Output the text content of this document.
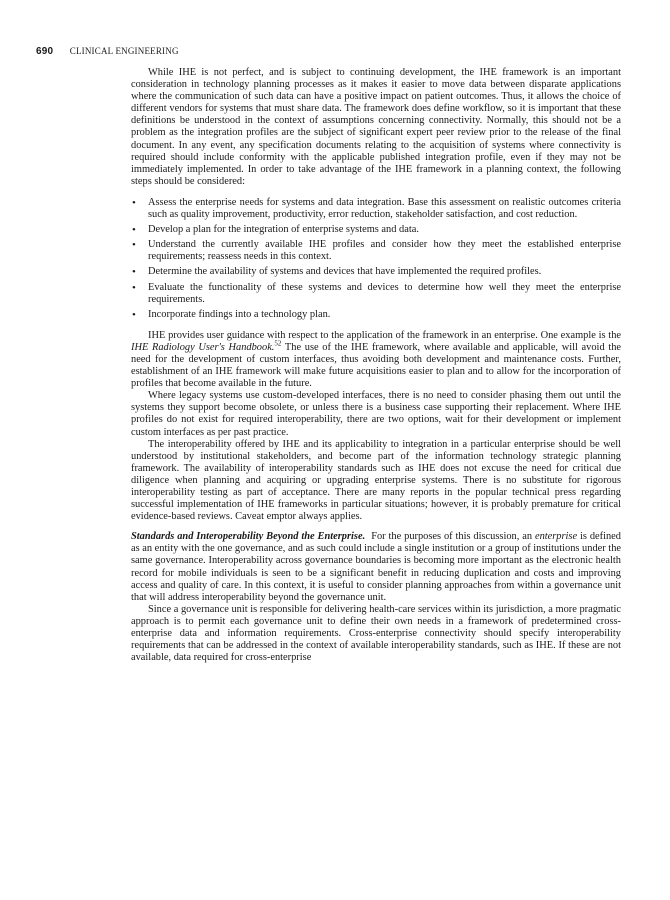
690 CLINICAL ENGINEERING

While IHE is not perfect, and is subject to continuing development, the IHE framework is an important consideration in technology planning processes as it makes it easier to move data between disparate applications where the communication of such data can have a positive impact on patient outcomes. Thus, it allows the choice of different vendors for systems that must share data. The framework does define workflow, so it is important that these definitions be understood in the context of assumptions concerning connectivity. Normally, this should not be a problem as the integration profiles are the subject of significant expert peer review prior to the release of the final document. In any event, any specification documents relating to the acquisition of systems where connectivity is required should include conformity with the applicable published integration profile, even if they may not be immediately implemented. In order to take advantage of the IHE framework in a planning context, the following steps should be considered:

• Assess the enterprise needs for systems and data integration. Base this assessment on realistic outcomes criteria such as quality improvement, productivity, error reduction, stakeholder satisfaction, and cost reduction.
• Develop a plan for the integration of enterprise systems and data.
• Understand the currently available IHE profiles and consider how they meet the established enterprise requirements; reassess needs in this context.
• Determine the availability of systems and devices that have implemented the required profiles.
• Evaluate the functionality of these systems and devices to determine how well they meet the enterprise requirements.
• Incorporate findings into a technology plan.

IHE provides user guidance with respect to the application of the framework in an enterprise. One example is the IHE Radiology User's Handbook.$^{52}$ The use of the IHE framework, where available and applicable, will avoid the need for the development of custom interfaces, thus avoiding both development and maintenance costs. Further, establishment of an IHE framework will make future acquisitions easier to plan and to allow for the incorporation of profiles that become available in the future.

Where legacy systems use custom-developed interfaces, there is no need to consider phasing them out until the systems they support become obsolete, or unless there is a business case supporting their replacement. Where IHE profiles do not exist for required interoperability, there are two options, wait for their development or implement custom interfaces as per past practice.

The interoperability offered by IHE and its applicability to integration in a particular enterprise should be well understood by institutional stakeholders, and become part of the information technology strategic planning framework. The availability of interoperability standards such as IHE does not excuse the need for critical due diligence when planning and acquiring or upgrading enterprise systems. There is no substitute for rigorous interoperability testing as part of acceptance. There are many reports in the popular technical press regarding successful implementation of IHE frameworks in particular situations; however, it is probably premature for critical evidence-based reviews. Caveat emptor always applies.

Standards and Interoperability Beyond the Enterprise. For the purposes of this discussion, an enterprise is defined as an entity with the one governance, and as such could include a single institution or a group of institutions under the same governance. Interoperability across governance boundaries is becoming more important as the electronic health record for mobile individuals is seen to be a significant benefit in reducing duplication and costs and improving access and quality of care. In this context, it is useful to consider planning approaches from within a governance unit that will address interoperability beyond the governance unit.

Since a governance unit is responsible for delivering health-care services within its jurisdiction, a more pragmatic approach is to permit each governance unit to define their own needs in a framework of predetermined cross-enterprise data and information requirements. Cross-enterprise connectivity should specify interoperability requirements that can be addressed in the context of available interoperability standards, such as IHE. If these are not available, data required for cross-enterprise
